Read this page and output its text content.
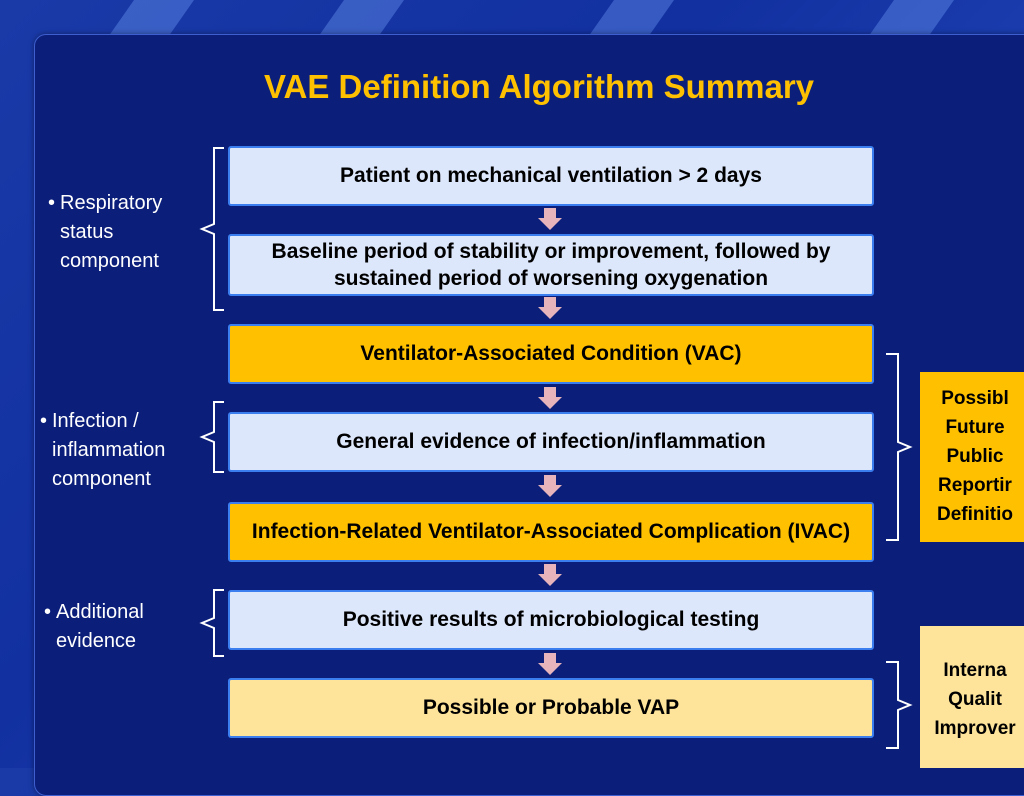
VAE Definition Algorithm Summary
Patient on mechanical ventilation > 2 days
Baseline period of stability or improvement, followed by sustained period of worsening oxygenation
Ventilator-Associated Condition (VAC)
General evidence of infection/inflammation
Infection-Related Ventilator-Associated Complication (IVAC)
Positive results of microbiological testing
Possible or Probable VAP
• Respiratory
status
component
• Infection /
inflammation
component
• Additional
evidence
Possibl
Future
Public
Reportir
Definitio
Interna
Qualit
Improver
